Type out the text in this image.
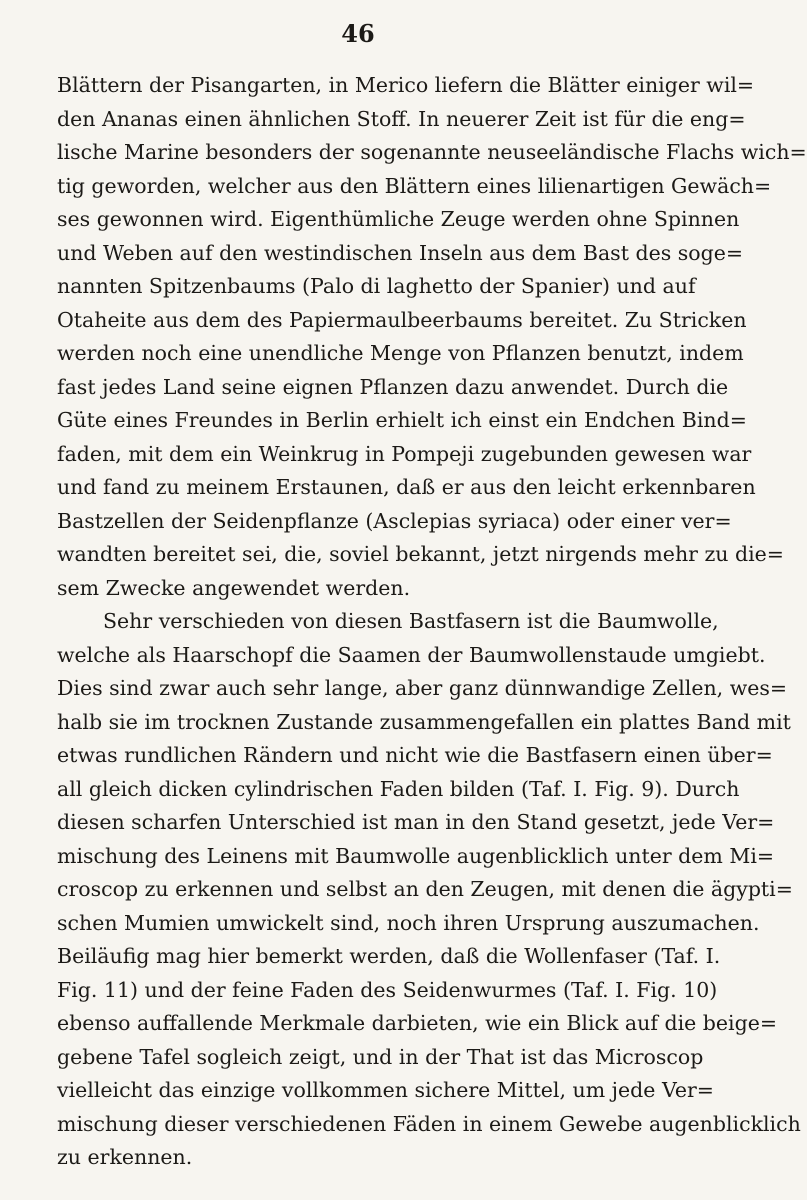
46
Blättern der Pisangarten, in Merico liefern die Blätter einiger wil=
den Ananas einen ähnlichen Stoff. In neuerer Zeit ist für die eng=
lische Marine besonders der sogenannte neuseeländische Flachs wich=
tig geworden, welcher aus den Blättern eines lilienartigen Gewäch=
ses gewonnen wird. Eigenthümliche Zeuge werden ohne Spinnen
und Weben auf den westindischen Inseln aus dem Bast des soge=
nannten Spitzenbaums (Palo di laghetto der Spanier) und auf
Otaheite aus dem des Papiermaulbeerbaums bereitet. Zu Stricken
werden noch eine unendliche Menge von Pflanzen benutzt, indem
fast jedes Land seine eignen Pflanzen dazu anwendet. Durch die
Güte eines Freundes in Berlin erhielt ich einst ein Endchen Bind=
faden, mit dem ein Weinkrug in Pompeji zugebunden gewesen war
und fand zu meinem Erstaunen, daß er aus den leicht erkennbaren
Bastzellen der Seidenpflanze (Asclepias syriaca) oder einer ver=
wandten bereitet sei, die, soviel bekannt, jetzt nirgends mehr zu die=
sem Zwecke angewendet werden.
Sehr verschieden von diesen Bastfasern ist die Baumwolle,
welche als Haarschopf die Saamen der Baumwollenstaude umgiebt.
Dies sind zwar auch sehr lange, aber ganz dünnwandige Zellen, wes=
halb sie im trocknen Zustande zusammengefallen ein plattes Band mit
etwas rundlichen Rändern und nicht wie die Bastfasern einen über=
all gleich dicken cylindrischen Faden bilden (Taf. I. Fig. 9). Durch
diesen scharfen Unterschied ist man in den Stand gesetzt, jede Ver=
mischung des Leinens mit Baumwolle augenblicklich unter dem Mi=
croscop zu erkennen und selbst an den Zeugen, mit denen die ägypti=
schen Mumien umwickelt sind, noch ihren Ursprung auszumachen.
Beiläufig mag hier bemerkt werden, daß die Wollenfaser (Taf. I.
Fig. 11) und der feine Faden des Seidenwurmes (Taf. I. Fig. 10)
ebenso auffallende Merkmale darbieten, wie ein Blick auf die beige=
gebene Tafel sogleich zeigt, und in der That ist das Microscop
vielleicht das einzige vollkommen sichere Mittel, um jede Ver=
mischung dieser verschiedenen Fäden in einem Gewebe augenblicklich
zu erkennen.
